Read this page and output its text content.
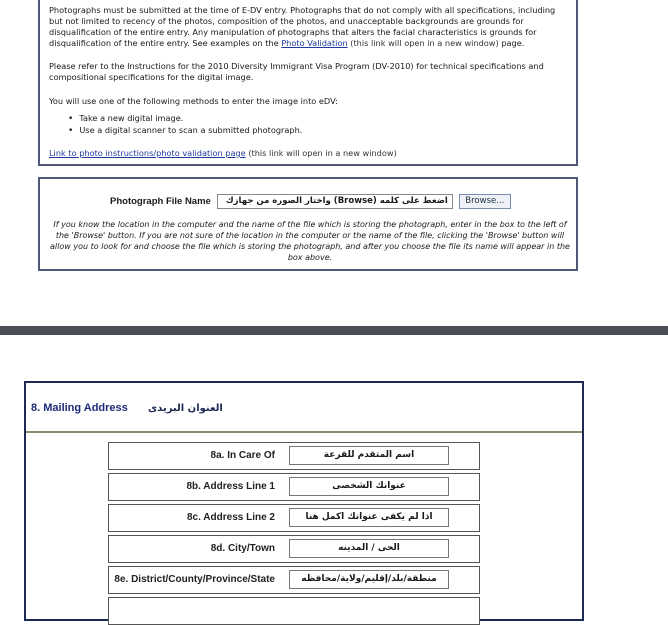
Photographs must be submitted at the time of E-DV entry. Photographs that do not comply with all specifications, including but not limited to recency of the photos, composition of the photos, and unacceptable backgrounds are grounds for disqualification of the entire entry. Any manipulation of photographs that alters the facial characteristics is grounds for disqualification of the entire entry. See examples on the Photo Validation (this link will open in a new window) page.

Please refer to the Instructions for the 2010 Diversity Immigrant Visa Program (DV-2010) for technical specifications and compositional specifications for the digital image.

You will use one of the following methods to enter the image into eDV:

• Take a new digital image.
• Use a digital scanner to scan a submitted photograph.
Link to photo instructions/photo validation page (this link will open in a new window)
Photograph File Name	اضغط على كلمه (Browse) واختار الصوره من جهازك	Browse...
If you know the location in the computer and the name of the file which is storing the photograph, enter in the box to the left of the 'Browse' button. If you are not sure of the location in the computer or the name of the file, clicking the 'Browse' button will allow you to look for and choose the file which is storing the photograph, and after you choose the file its name will appear in the box above.
8. Mailing Address العنوان البريدى
8a. In Care Of	اسم المتقدم للقرعة
8b. Address Line 1	عنوانك الشخصى
8c. Address Line 2	اذا لم يكفى عنوانك اكمل هنا
8d. City/Town	الحى / المدينه
8e. District/County/Province/State	منطقة/بلد/إقليم/ولاية/محافظه
